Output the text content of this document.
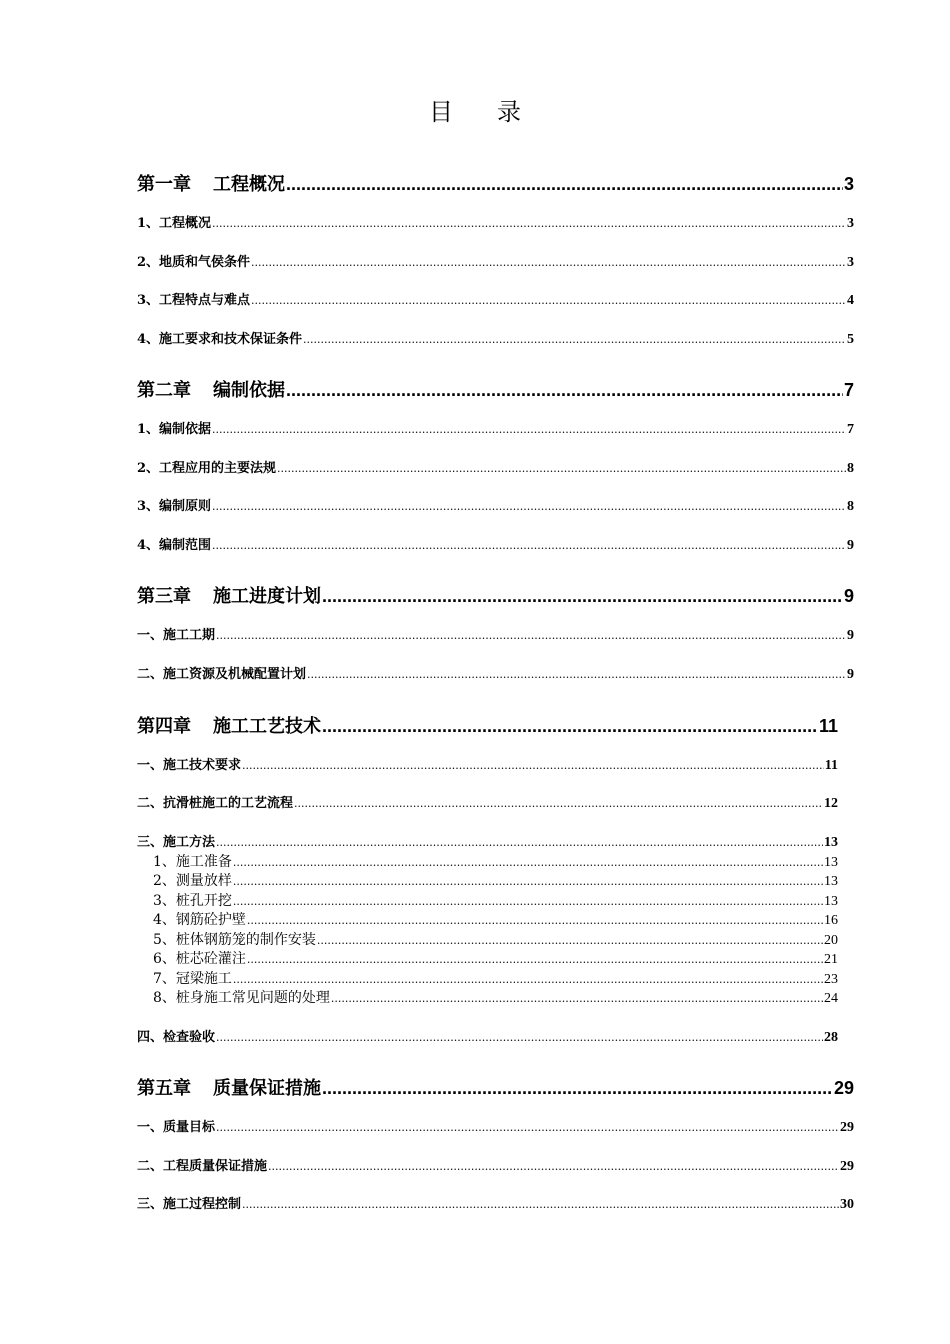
目 录
第一章 工程概况 .....	3
1、工程概况 .....	3
2、地质和气侯条件 .....	3
3、工程特点与难点 .....	4
4、施工要求和技术保证条件 .....	5
第二章 编制依据 .....	7
1、编制依据 .....	7
2、工程应用的主要法规 .....	8
3、编制原则 .....	8
4、编制范围 .....	9
第三章 施工进度计划 .....	9
一、施工工期 .....	9
二、施工资源及机械配置计划 .....	9
第四章 施工工艺技术 .....	11
一、施工技术要求 .....	11
二、抗滑桩施工的工艺流程 .....	12
三、施工方法 .....	13
1、施工准备 .....	13
2、测量放样 .....	13
3、桩孔开挖 .....	13
4、钢筋砼护壁 .....	16
5、桩体钢筋笼的制作安装 .....	20
6、桩芯砼灌注 .....	21
7、冠梁施工 .....	23
8、桩身施工常见问题的处理 .....	24
四、检查验收 .....	28
第五章 质量保证措施 .....	29
一、质量目标 .....	29
二、工程质量保证措施 .....	29
三、施工过程控制 .....	30
